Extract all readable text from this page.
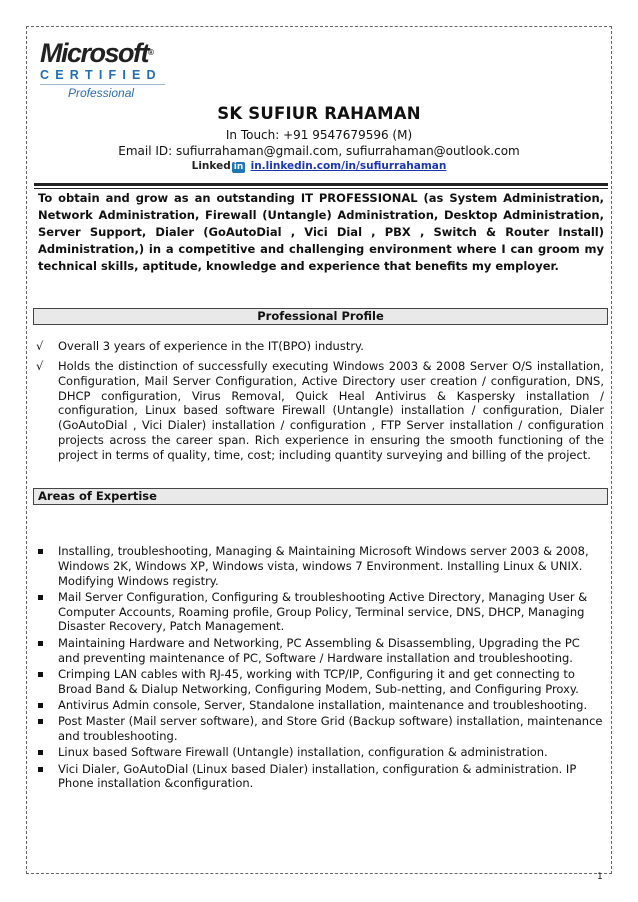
Microsoft®
CERTIFIED
Professional
SK SUFIUR RAHAMAN
In Touch: +91 9547679596 (M)
Email ID: sufiurrahaman@gmail.com, sufiurrahaman@outlook.com
Linked in in.linkedin.com/in/sufiurrahaman
To obtain and grow as an outstanding IT PROFESSIONAL (as System Administration, Network Administration, Firewall (Untangle) Administration, Desktop Administration, Server Support, Dialer (GoAutoDial , Vici Dial , PBX , Switch & Router Install) Administration,) in a competitive and challenging environment where I can groom my technical skills, aptitude, knowledge and experience that benefits my employer.
Professional Profile
√ Overall 3 years of experience in the IT(BPO) industry.
√ Holds the distinction of successfully executing Windows 2003 & 2008 Server O/S installation, Configuration, Mail Server Configuration, Active Directory user creation / configuration, DNS, DHCP configuration, Virus Removal, Quick Heal Antivirus & Kaspersky installation / configuration, Linux based software Firewall (Untangle) installation / configuration, Dialer (GoAutoDial , Vici Dialer) installation / configuration , FTP Server installation / configuration projects across the career span. Rich experience in ensuring the smooth functioning of the project in terms of quality, time, cost; including quantity surveying and billing of the project.
Areas of Expertise
Installing, troubleshooting, Managing & Maintaining Microsoft Windows server 2003 & 2008, Windows 2K, Windows XP, Windows vista, windows 7 Environment. Installing Linux & UNIX. Modifying Windows registry.
Mail Server Configuration, Configuring & troubleshooting Active Directory, Managing User & Computer Accounts, Roaming profile, Group Policy, Terminal service, DNS, DHCP, Managing Disaster Recovery, Patch Management.
Maintaining Hardware and Networking, PC Assembling & Disassembling, Upgrading the PC and preventing maintenance of PC, Software / Hardware installation and troubleshooting.
Crimping LAN cables with RJ-45, working with TCP/IP, Configuring it and get connecting to Broad Band & Dialup Networking, Configuring Modem, Sub-netting, and Configuring Proxy.
Antivirus Admin console, Server, Standalone installation, maintenance and troubleshooting.
Post Master (Mail server software), and Store Grid (Backup software) installation, maintenance and troubleshooting.
Linux based Software Firewall (Untangle) installation, configuration & administration.
Vici Dialer, GoAutoDial (Linux based Dialer) installation, configuration & administration. IP Phone installation &configuration.
1
